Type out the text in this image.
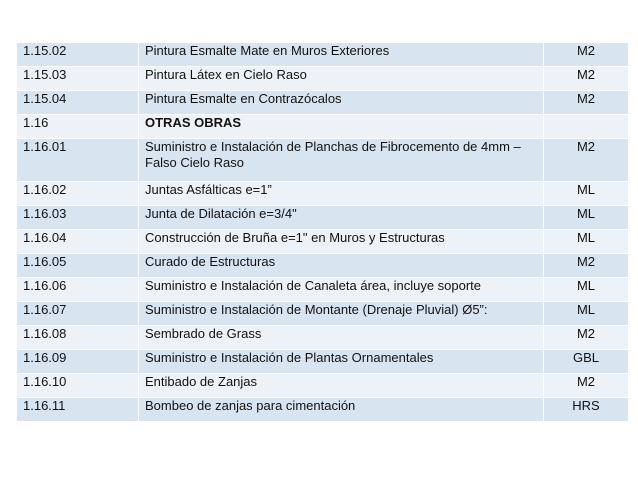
1.15.02	Pintura Esmalte Mate en Muros Exteriores	M2
1.15.03	Pintura Látex en Cielo Raso	M2
1.15.04	Pintura Esmalte en Contrazócalos	M2
1.16	OTRAS OBRAS	
1.16.01	Suministro e Instalación de Planchas de Fibrocemento de 4mm – Falso Cielo Raso	M2
1.16.02	Juntas Asfálticas e=1”	ML
1.16.03	Junta de Dilatación e=3/4"	ML
1.16.04	Construcción de Bruña e=1" en Muros y Estructuras	ML
1.16.05	Curado de Estructuras	M2
1.16.06	Suministro e Instalación de Canaleta área, incluye soporte	ML
1.16.07	Suministro e Instalación de Montante (Drenaje Pluvial) Ø5”:	ML
1.16.08	Sembrado de Grass	M2
1.16.09	Suministro e Instalación de Plantas Ornamentales	GBL
1.16.10	Entibado de Zanjas	M2
1.16.11	Bombeo de zanjas para cimentación	HRS
